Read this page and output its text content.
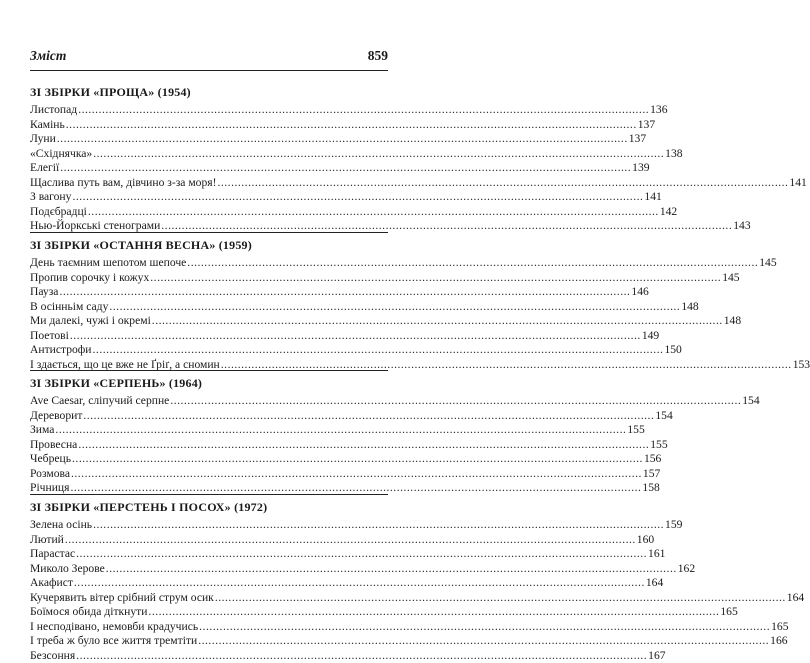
Зміст	859
ЗІ ЗБІРКИ «ПРОЩА» (1954)
Листопад .....	136
Камінь .....	137
Луни .....	137
«Східнячка» .....	138
Елегії .....	139
Щаслива путь вам, дівчино з-за моря! .....	141
З вагону .....	141
Подєбрадці .....	142
Нью-Йоркські стенограми .....	143
ЗІ ЗБІРКИ «ОСТАННЯ ВЕСНА» (1959)
День таємним шепотом шепоче .....	145
Пропив сорочку і кожух .....	145
Пауза .....	146
В осінньім саду .....	148
Ми далекі, чужі і окремі .....	148
Поетові .....	149
Антистрофи .....	150
І здається, що це вже не Ґріґ, а сномин .....	153
ЗІ ЗБІРКИ «СЕРПЕНЬ» (1964)
Ave Caesar, сліпучий серпне .....	154
Дереворит .....	154
Зима .....	155
Провесна .....	155
Чебрець .....	156
Розмова .....	157
Річниця .....	158
ЗІ ЗБІРКИ «ПЕРСТЕНЬ І ПОСОХ» (1972)
Зелена осінь .....	159
Лютий .....	160
Парастас .....	161
Миколо Зерове .....	162
Акафист .....	164
Кучерявить вітер срібний струм осик .....	164
Боїмося обида діткнути .....	165
І несподівано, немовби крадучись .....	165
І треба ж було все життя тремтіти .....	166
Безсоння .....	167
